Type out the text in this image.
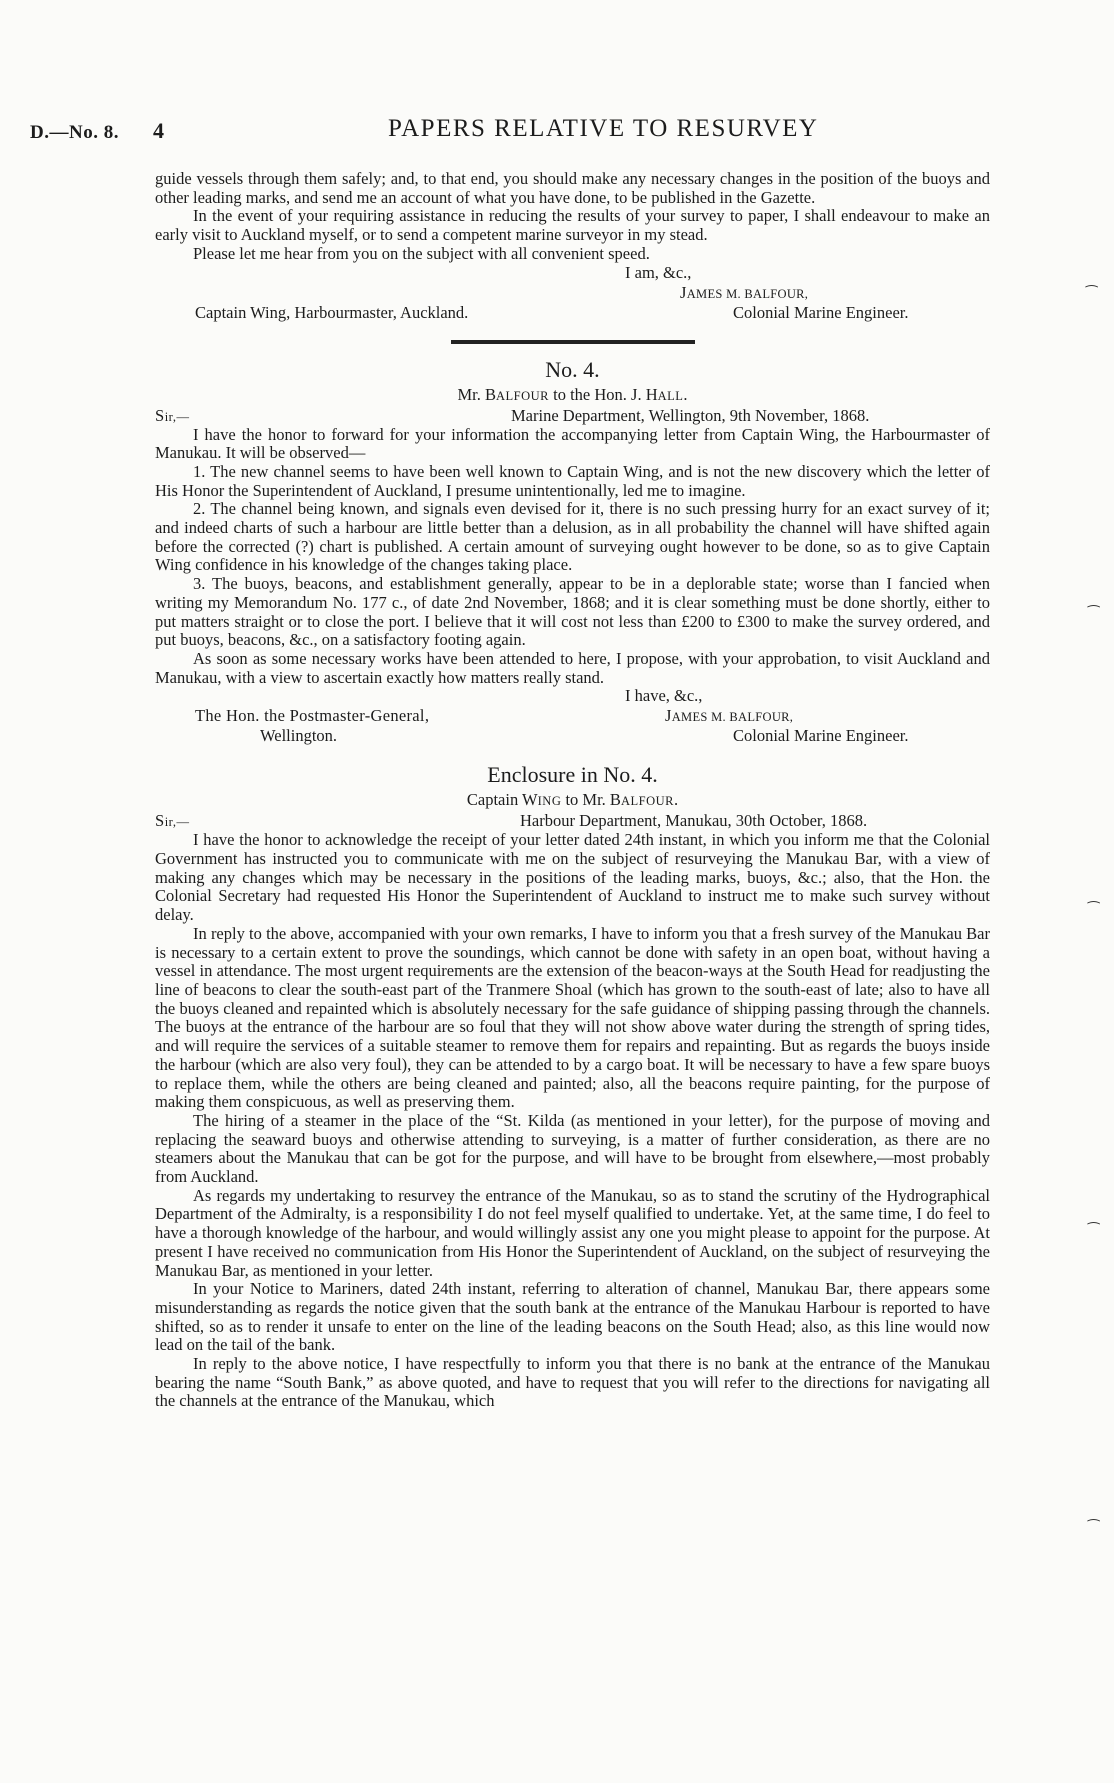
D.—No. 8. 4	PAPERS RELATIVE TO RESURVEY
⁀
⁀
⁀
⁀
⁀

guide vessels through them safely; and, to that end, you should make any necessary changes in the position of the buoys and other leading marks, and send me an account of what you have done, to be published in the Gazette.

In the event of your requiring assistance in reducing the results of your survey to paper, I shall endeavour to make an early visit to Auckland myself, or to send a competent marine surveyor in my stead.

Please let me hear from you on the subject with all convenient speed.

I am, &c.,
JAMES M. BALFOUR,
Captain Wing, Harbourmaster, Auckland.	Colonial Marine Engineer.
No. 4.
Mr. BALFOUR to the Hon. J. HALL.
Sir,—	Marine Department, Wellington, 9th November, 1868.

I have the honor to forward for your information the accompanying letter from Captain Wing, the Harbourmaster of Manukau. It will be observed—

1. The new channel seems to have been well known to Captain Wing, and is not the new discovery which the letter of His Honor the Superintendent of Auckland, I presume unintentionally, led me to imagine.

2. The channel being known, and signals even devised for it, there is no such pressing hurry for an exact survey of it; and indeed charts of such a harbour are little better than a delusion, as in all probability the channel will have shifted again before the corrected (?) chart is published. A certain amount of surveying ought however to be done, so as to give Captain Wing confidence in his knowledge of the changes taking place.

3. The buoys, beacons, and establishment generally, appear to be in a deplorable state; worse than I fancied when writing my Memorandum No. 177 c., of date 2nd November, 1868; and it is clear something must be done shortly, either to put matters straight or to close the port. I believe that it will cost not less than £200 to £300 to make the survey ordered, and put buoys, beacons, &c., on a satisfactory footing again.

As soon as some necessary works have been attended to here, I propose, with your approbation, to visit Auckland and Manukau, with a view to ascertain exactly how matters really stand.

I have, &c.,
The Hon. the Postmaster-General,	JAMES M. BALFOUR,
Wellington.	Colonial Marine Engineer.
Enclosure in No. 4.
Captain WING to Mr. BALFOUR.
Sir,—	Harbour Department, Manukau, 30th October, 1868.

I have the honor to acknowledge the receipt of your letter dated 24th instant, in which you inform me that the Colonial Government has instructed you to communicate with me on the subject of resurveying the Manukau Bar, with a view of making any changes which may be necessary in the positions of the leading marks, buoys, &c.; also, that the Hon. the Colonial Secretary had requested His Honor the Superintendent of Auckland to instruct me to make such survey without delay.

In reply to the above, accompanied with your own remarks, I have to inform you that a fresh survey of the Manukau Bar is necessary to a certain extent to prove the soundings, which cannot be done with safety in an open boat, without having a vessel in attendance. The most urgent requirements are the extension of the beacon-ways at the South Head for readjusting the line of beacons to clear the south-east part of the Tranmere Shoal (which has grown to the south-east of late; also to have all the buoys cleaned and repainted which is absolutely necessary for the safe guidance of shipping passing through the channels. The buoys at the entrance of the harbour are so foul that they will not show above water during the strength of spring tides, and will require the services of a suitable steamer to remove them for repairs and repainting. But as regards the buoys inside the harbour (which are also very foul), they can be attended to by a cargo boat. It will be necessary to have a few spare buoys to replace them, while the others are being cleaned and painted; also, all the beacons require painting, for the purpose of making them conspicuous, as well as preserving them.

The hiring of a steamer in the place of the “St. Kilda (as mentioned in your letter), for the purpose of moving and replacing the seaward buoys and otherwise attending to surveying, is a matter of further consideration, as there are no steamers about the Manukau that can be got for the purpose, and will have to be brought from elsewhere,—most probably from Auckland.

As regards my undertaking to resurvey the entrance of the Manukau, so as to stand the scrutiny of the Hydrographical Department of the Admiralty, is a responsibility I do not feel myself qualified to undertake. Yet, at the same time, I do feel to have a thorough knowledge of the harbour, and would willingly assist any one you might please to appoint for the purpose. At present I have received no communication from His Honor the Superintendent of Auckland, on the subject of resurveying the Manukau Bar, as mentioned in your letter.

In your Notice to Mariners, dated 24th instant, referring to alteration of channel, Manukau Bar, there appears some misunderstanding as regards the notice given that the south bank at the entrance of the Manukau Harbour is reported to have shifted, so as to render it unsafe to enter on the line of the leading beacons on the South Head; also, as this line would now lead on the tail of the bank.

In reply to the above notice, I have respectfully to inform you that there is no bank at the entrance of the Manukau bearing the name “South Bank,” as above quoted, and have to request that you will refer to the directions for navigating all the channels at the entrance of the Manukau, which
